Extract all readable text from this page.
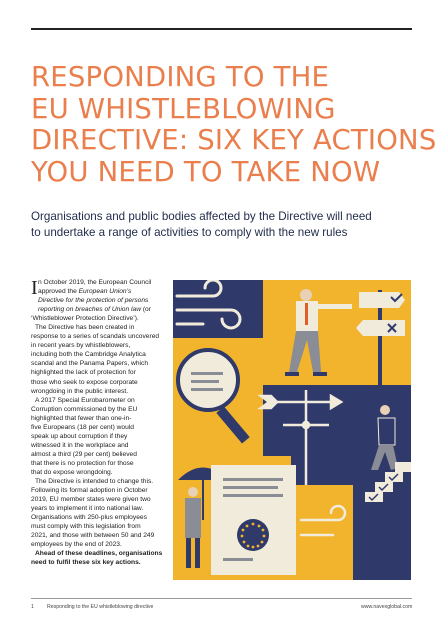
RESPONDING TO THE
EU WHISTLEBLOWING
DIRECTIVE: SIX KEY ACTIONS
YOU NEED TO TAKE NOW

Organisations and public bodies affected by the Directive will need
to undertake a range of activities to comply with the new rules

I n October 2019, the European Council
approved the European Union’s
Directive for the protection of persons
reporting on breaches of Union law (or
‘Whistleblower Protection Directive’).
The Directive has been created in
response to a series of scandals uncovered
in recent years by whistleblowers,
including both the Cambridge Analytica
scandal and the Panama Papers, which
highlighted the lack of protection for
those who seek to expose corporate
wrongdoing in the public interest.
A 2017 Special Eurobarometer on
Corruption commissioned by the EU
highlighted that fewer than one-in-
five Europeans (18 per cent) would
speak up about corruption if they
witnessed it in the workplace and
almost a third (29 per cent) believed
that there is no protection for those
that do expose wrongdoing.
The Directive is intended to change this.
Following its formal adoption in October
2019, EU member states were given two
years to implement it into national law.
Organisations with 250-plus employees
must comply with this legislation from
2021, and those with between 50 and 249
employees by the end of 2023.
Ahead of these deadlines, organisations
need to fulfil these six key actions.
1	Responding to the EU whistleblowing directive	www.navexglobal.com
